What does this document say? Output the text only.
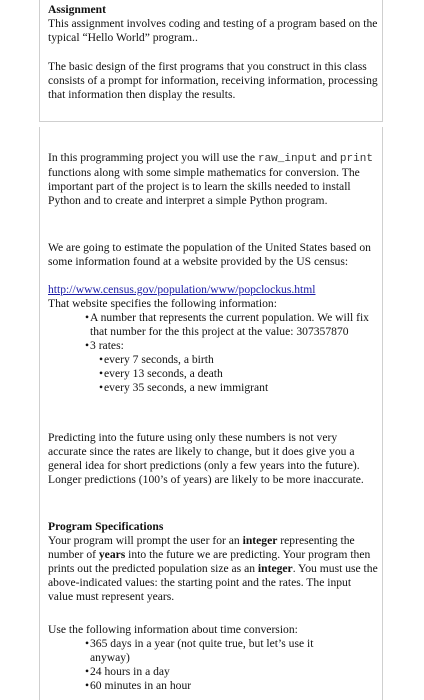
Assignment

This assignment involves coding and testing of a program based on the typical “Hello World” program..

The basic design of the first programs that you construct in this class consists of a prompt for information, receiving information, processing that information then display the results.

In this programming project you will use the raw_input and print functions along with some simple mathematics for conversion. The important part of the project is to learn the skills needed to install Python and to create and interpret a simple Python program.

We are going to estimate the population of the United States based on some information found at a website provided by the US census:

http://www.census.gov/population/www/popclockus.html

That website specifies the following information:

• A number that represents the current population. We will fix that number for the this project at the value: 307357870
• 3 rates:
• every 7 seconds, a birth
• every 13 seconds, a death
• every 35 seconds, a new immigrant

Predicting into the future using only these numbers is not very accurate since the rates are likely to change, but it does give you a general idea for short predictions (only a few years into the future). Longer predictions (100’s of years) are likely to be more inaccurate.

Program Specifications

Your program will prompt the user for an integer representing the number of years into the future we are predicting. Your program then prints out the predicted population size as an integer. You must use the above-indicated values: the starting point and the rates. The input value must represent years.

Use the following information about time conversion:

• 365 days in a year (not quite true, but let’s use it anyway)
• 24 hours in a day
• 60 minutes in an hour
